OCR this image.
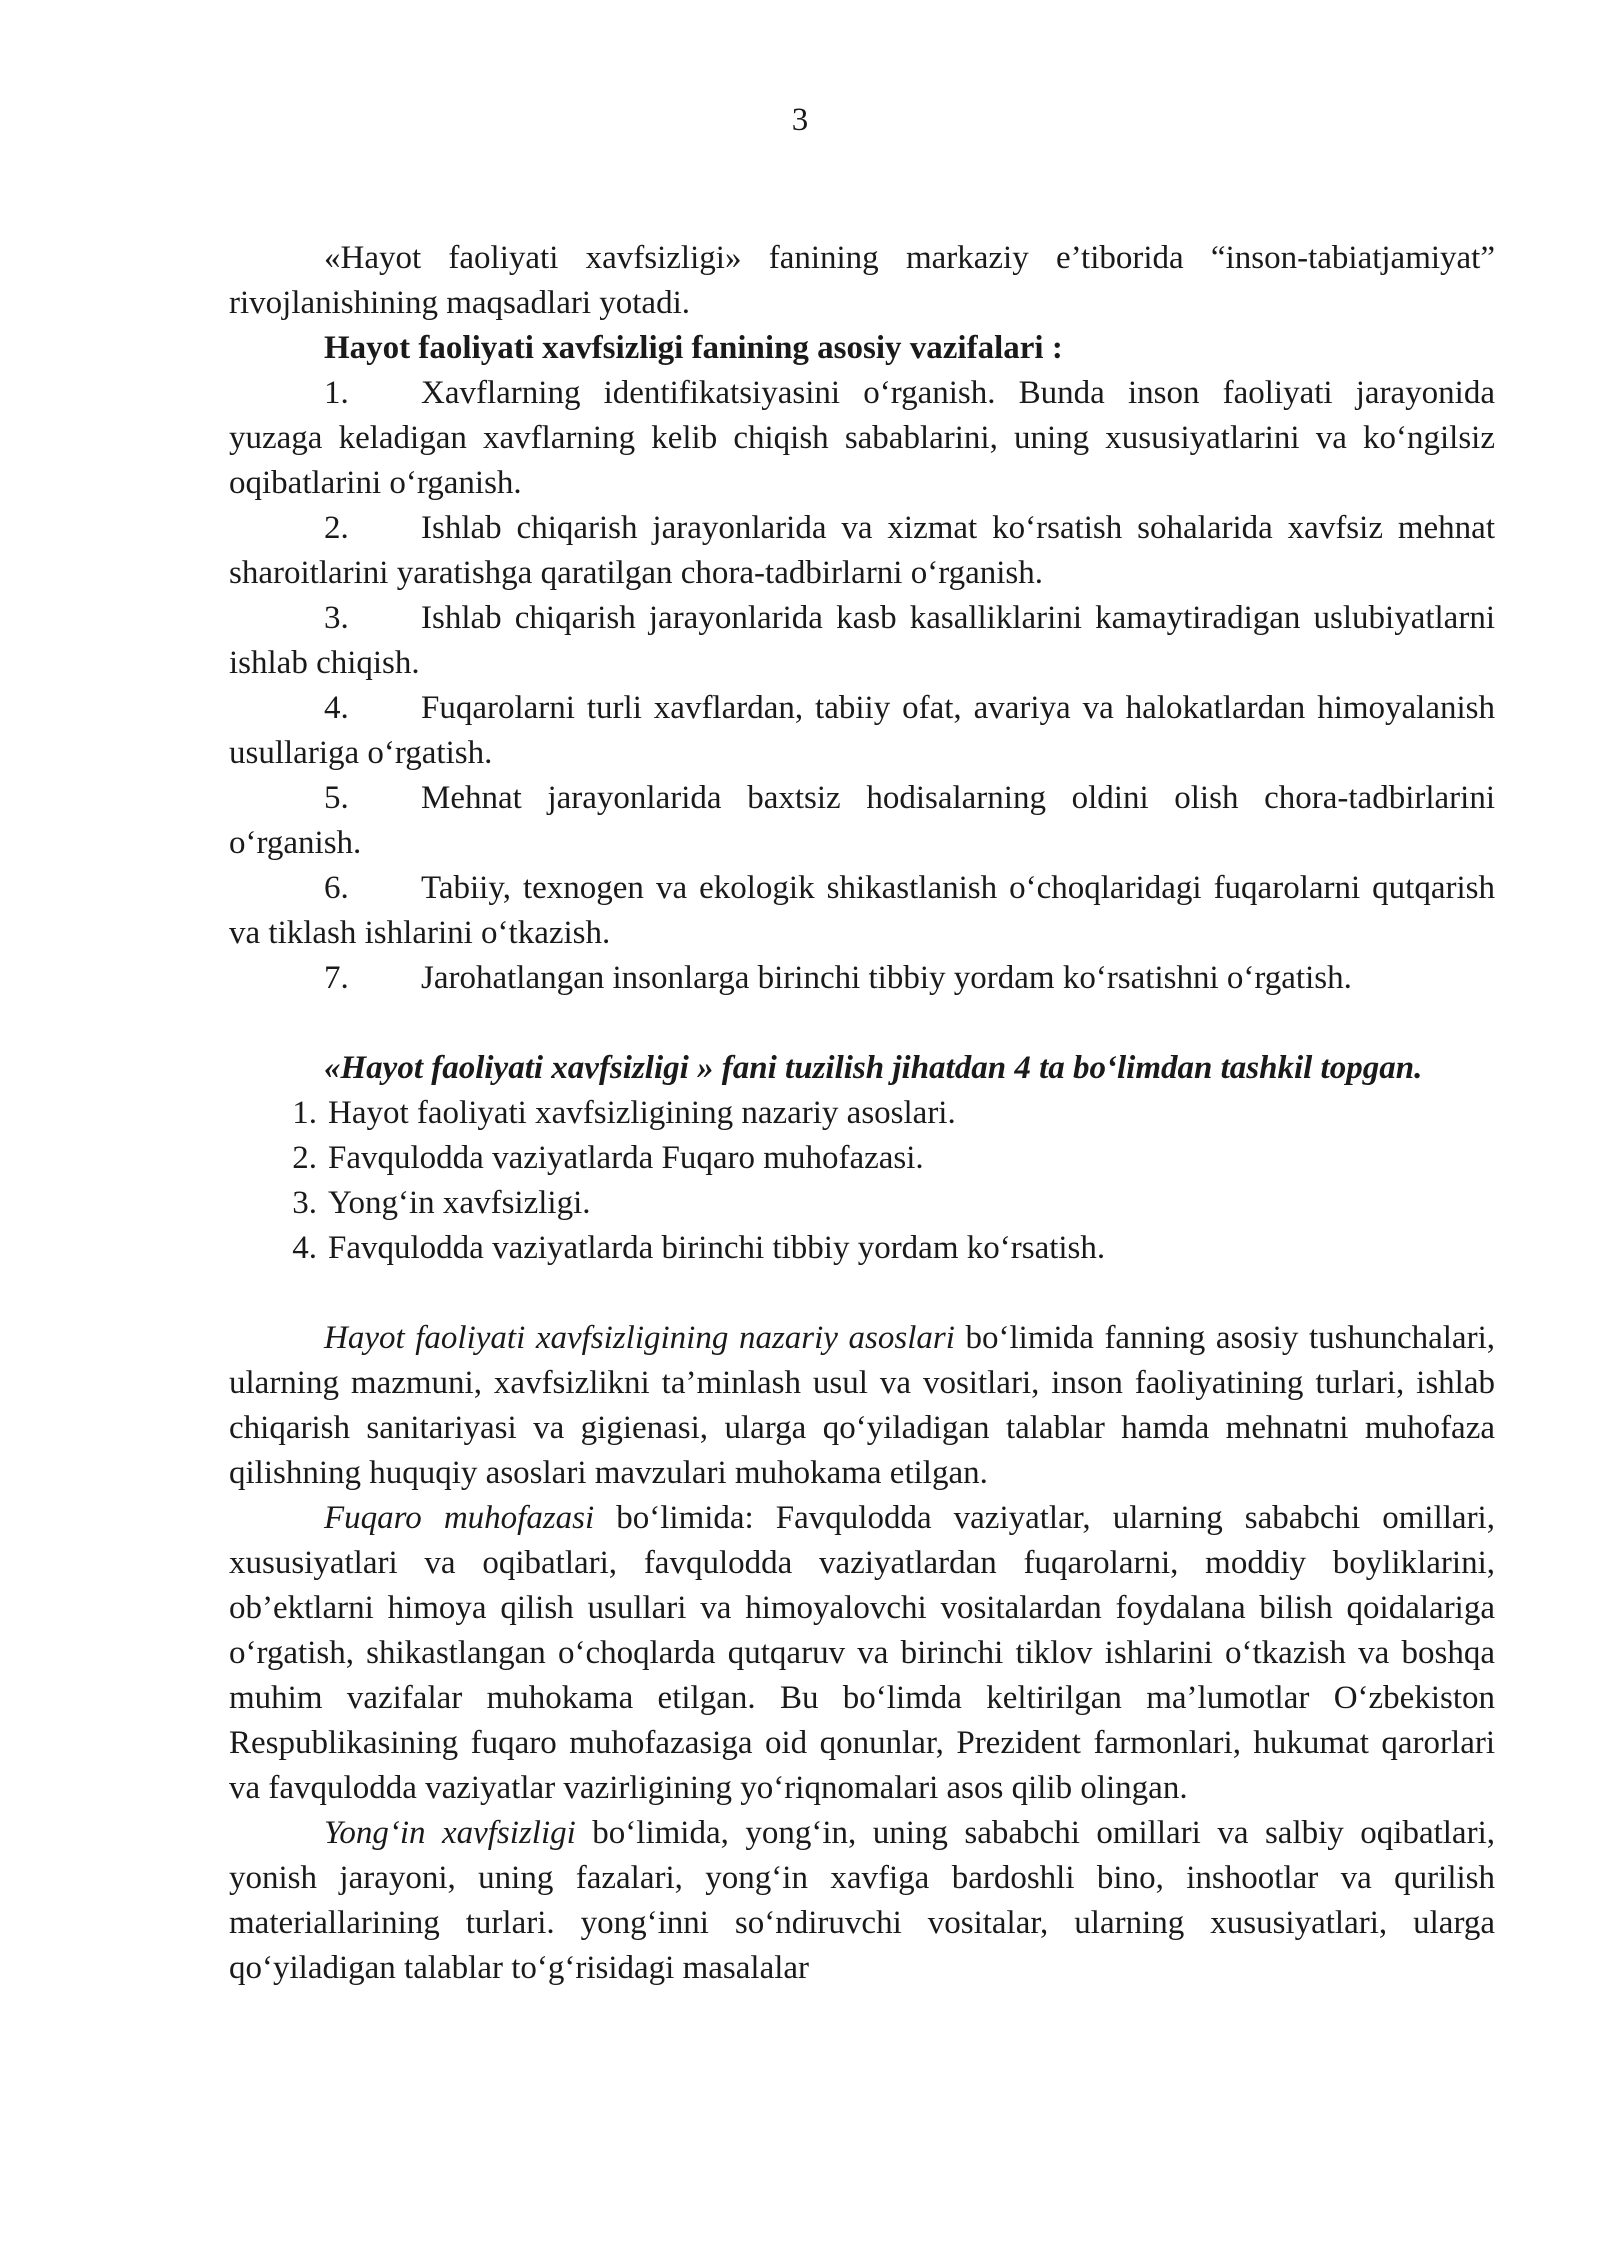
3

«Hayot faoliyati xavfsizligi» fanining markaziy e’tiborida “inson-tabiatjamiyat” rivojlanishining maqsadlari yotadi.

Hayot faoliyati xavfsizligi fanining asosiy vazifalari :

1. Xavflarning identifikatsiyasini o‘rganish. Bunda inson faoliyati jarayonida yuzaga keladigan xavflarning kelib chiqish sabablarini, uning xususiyatlarini va ko‘ngilsiz oqibatlarini o‘rganish.

2. Ishlab chiqarish jarayonlarida va xizmat ko‘rsatish sohalarida xavfsiz mehnat sharoitlarini yaratishga qaratilgan chora-tadbirlarni o‘rganish.

3. Ishlab chiqarish jarayonlarida kasb kasalliklarini kamaytiradigan uslubiyatlarni ishlab chiqish.

4. Fuqarolarni turli xavflardan, tabiiy ofat, avariya va halokatlardan himoyalanish usullariga o‘rgatish.

5. Mehnat jarayonlarida baxtsiz hodisalarning oldini olish chora-tadbirlarini o‘rganish.

6. Tabiiy, texnogen va ekologik shikastlanish o‘choqlaridagi fuqarolarni qutqarish va tiklash ishlarini o‘tkazish.

7. Jarohatlangan insonlarga birinchi tibbiy yordam ko‘rsatishni o‘rgatish.

«Hayot faoliyati xavfsizligi » fani tuzilish jihatdan 4 ta bo‘limdan tashkil topgan.

1. Hayot faoliyati xavfsizligining nazariy asoslari.
2. Favqulodda vaziyatlarda Fuqaro muhofazasi.
3. Yong‘in xavfsizligi.
4. Favqulodda vaziyatlarda birinchi tibbiy yordam ko‘rsatish.

Hayot faoliyati xavfsizligining nazariy asoslari bo‘limida fanning asosiy tushunchalari, ularning mazmuni, xavfsizlikni ta’minlash usul va vositlari, inson faoliyatining turlari, ishlab chiqarish sanitariyasi va gigienasi, ularga qo‘yiladigan talablar hamda mehnatni muhofaza qilishning huquqiy asoslari mavzulari muhokama etilgan.

Fuqaro muhofazasi bo‘limida: Favqulodda vaziyatlar, ularning sababchi omillari, xususiyatlari va oqibatlari, favqulodda vaziyatlardan fuqarolarni, moddiy boyliklarini, ob’ektlarni himoya qilish usullari va himoyalovchi vositalardan foydalana bilish qoidalariga o‘rgatish, shikastlangan o‘choqlarda qutqaruv va birinchi tiklov ishlarini o‘tkazish va boshqa muhim vazifalar muhokama etilgan. Bu bo‘limda keltirilgan ma’lumotlar O‘zbekiston Respublikasining fuqaro muhofazasiga oid qonunlar, Prezident farmonlari, hukumat qarorlari va favqulodda vaziyatlar vazirligining yo‘riqnomalari asos qilib olingan.

Yong‘in xavfsizligi bo‘limida, yong‘in, uning sababchi omillari va salbiy oqibatlari, yonish jarayoni, uning fazalari, yong‘in xavfiga bardoshli bino, inshootlar va qurilish materiallarining turlari. yong‘inni so‘ndiruvchi vositalar, ularning xususiyatlari, ularga qo‘yiladigan talablar to‘g‘risidagi masalalar
